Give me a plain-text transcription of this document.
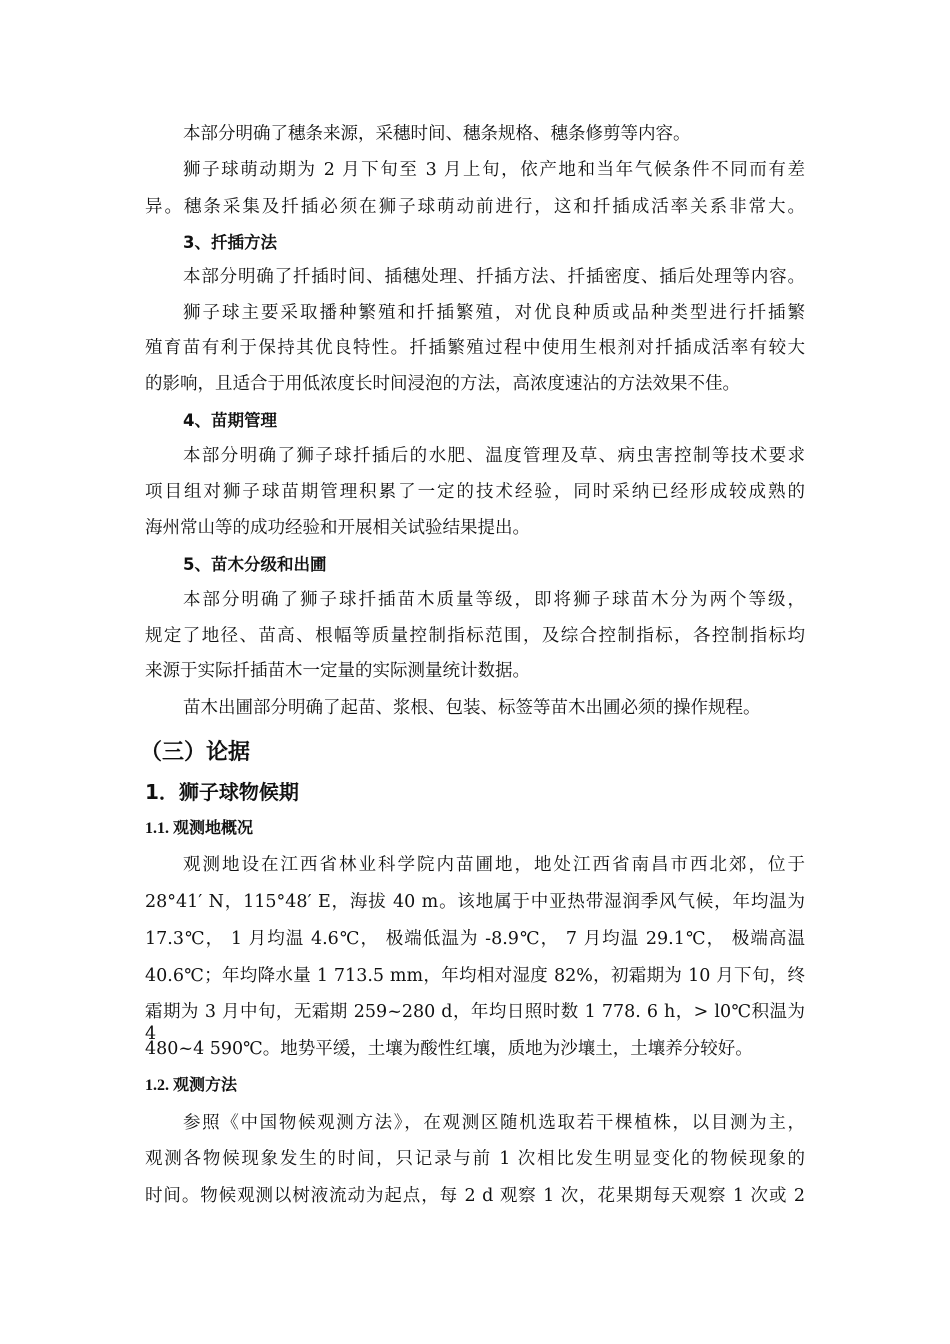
本部分明确了穗条来源，采穗时间、穗条规格、穗条修剪等内容。
狮子球萌动期为 2 月下旬至 3 月上旬，依产地和当年气候条件不同而有差
异。穗条采集及扦插必须在狮子球萌动前进行，这和扦插成活率关系非常大。
3、扦插方法
本部分明确了扦插时间、插穗处理、扦插方法、扦插密度、插后处理等内容。
狮子球主要采取播种繁殖和扦插繁殖，对优良种质或品种类型进行扦插繁
殖育苗有利于保持其优良特性。扦插繁殖过程中使用生根剂对扦插成活率有较大
的影响，且适合于用低浓度长时间浸泡的方法，高浓度速沾的方法效果不佳。
4、苗期管理
本部分明确了狮子球扦插后的水肥、温度管理及草、病虫害控制等技术要求
项目组对狮子球苗期管理积累了一定的技术经验，同时采纳已经形成较成熟的
海州常山等的成功经验和开展相关试验结果提出。
5、苗木分级和出圃
本部分明确了狮子球扦插苗木质量等级，即将狮子球苗木分为两个等级，
规定了地径、苗高、根幅等质量控制指标范围，及综合控制指标，各控制指标均
来源于实际扦插苗木一定量的实际测量统计数据。
苗木出圃部分明确了起苗、浆根、包装、标签等苗木出圃必须的操作规程。
（三）论据
1．狮子球物候期
1.1. 观测地概况
观测地设在江西省林业科学院内苗圃地，地处江西省南昌市西北郊，位于
28°41′ N，115°48′ E，海拔 40 m。该地属于中亚热带湿润季风气候，年均温为
17.3℃， 1 月均温 4.6℃， 极端低温为 -8.9℃， 7 月均温 29.1℃， 极端高温
40.6℃；年均降水量 1 713.5 mm，年均相对湿度 82%，初霜期为 10 月下旬，终
霜期为 3 月中旬，无霜期 259~280 d，年均日照时数 1 778. 6 h，> l0℃积温为 4
480~4 590℃。地势平缓，土壤为酸性红壤，质地为沙壤土，土壤养分较好。
1.2. 观测方法
参照《中国物候观测方法》，在观测区随机选取若干棵植株，以目测为主，
观测各物候现象发生的时间，只记录与前 1 次相比发生明显变化的物候现象的
时间。物候观测以树液流动为起点，每 2 d 观察 1 次，花果期每天观察 1 次或 2
